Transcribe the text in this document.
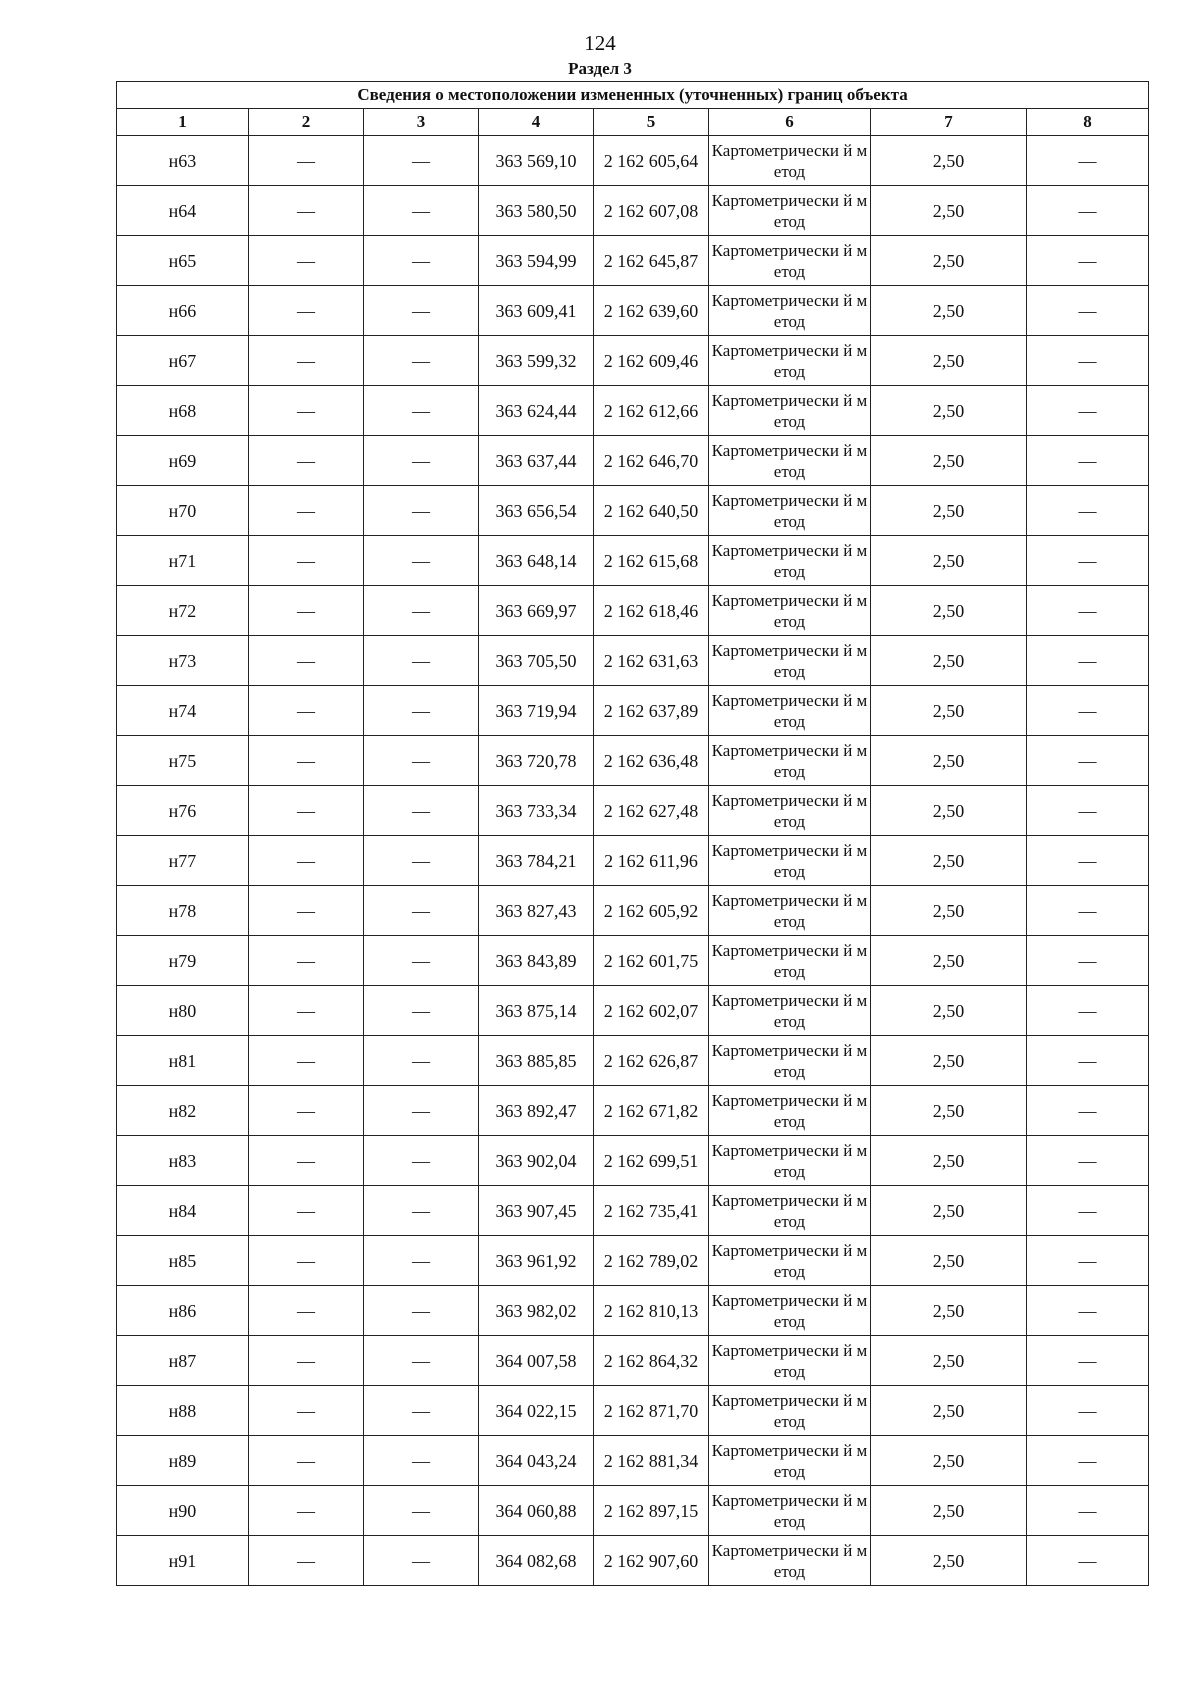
124
Раздел 3
Сведения о местоположении измененных (уточненных) границ объекта							
1	2	3	4	5	6	7	8
н63	—	—	363 569,10	2 162 605,64	Картометрически й метод	2,50	—
н64	—	—	363 580,50	2 162 607,08	Картометрически й метод	2,50	—
н65	—	—	363 594,99	2 162 645,87	Картометрически й метод	2,50	—
н66	—	—	363 609,41	2 162 639,60	Картометрически й метод	2,50	—
н67	—	—	363 599,32	2 162 609,46	Картометрически й метод	2,50	—
н68	—	—	363 624,44	2 162 612,66	Картометрически й метод	2,50	—
н69	—	—	363 637,44	2 162 646,70	Картометрически й метод	2,50	—
н70	—	—	363 656,54	2 162 640,50	Картометрически й метод	2,50	—
н71	—	—	363 648,14	2 162 615,68	Картометрически й метод	2,50	—
н72	—	—	363 669,97	2 162 618,46	Картометрически й метод	2,50	—
н73	—	—	363 705,50	2 162 631,63	Картометрически й метод	2,50	—
н74	—	—	363 719,94	2 162 637,89	Картометрически й метод	2,50	—
н75	—	—	363 720,78	2 162 636,48	Картометрически й метод	2,50	—
н76	—	—	363 733,34	2 162 627,48	Картометрически й метод	2,50	—
н77	—	—	363 784,21	2 162 611,96	Картометрически й метод	2,50	—
н78	—	—	363 827,43	2 162 605,92	Картометрически й метод	2,50	—
н79	—	—	363 843,89	2 162 601,75	Картометрически й метод	2,50	—
н80	—	—	363 875,14	2 162 602,07	Картометрически й метод	2,50	—
н81	—	—	363 885,85	2 162 626,87	Картометрически й метод	2,50	—
н82	—	—	363 892,47	2 162 671,82	Картометрически й метод	2,50	—
н83	—	—	363 902,04	2 162 699,51	Картометрически й метод	2,50	—
н84	—	—	363 907,45	2 162 735,41	Картометрически й метод	2,50	—
н85	—	—	363 961,92	2 162 789,02	Картометрически й метод	2,50	—
н86	—	—	363 982,02	2 162 810,13	Картометрически й метод	2,50	—
н87	—	—	364 007,58	2 162 864,32	Картометрически й метод	2,50	—
н88	—	—	364 022,15	2 162 871,70	Картометрически й метод	2,50	—
н89	—	—	364 043,24	2 162 881,34	Картометрически й метод	2,50	—
н90	—	—	364 060,88	2 162 897,15	Картометрически й метод	2,50	—
н91	—	—	364 082,68	2 162 907,60	Картометрически й метод	2,50	—
